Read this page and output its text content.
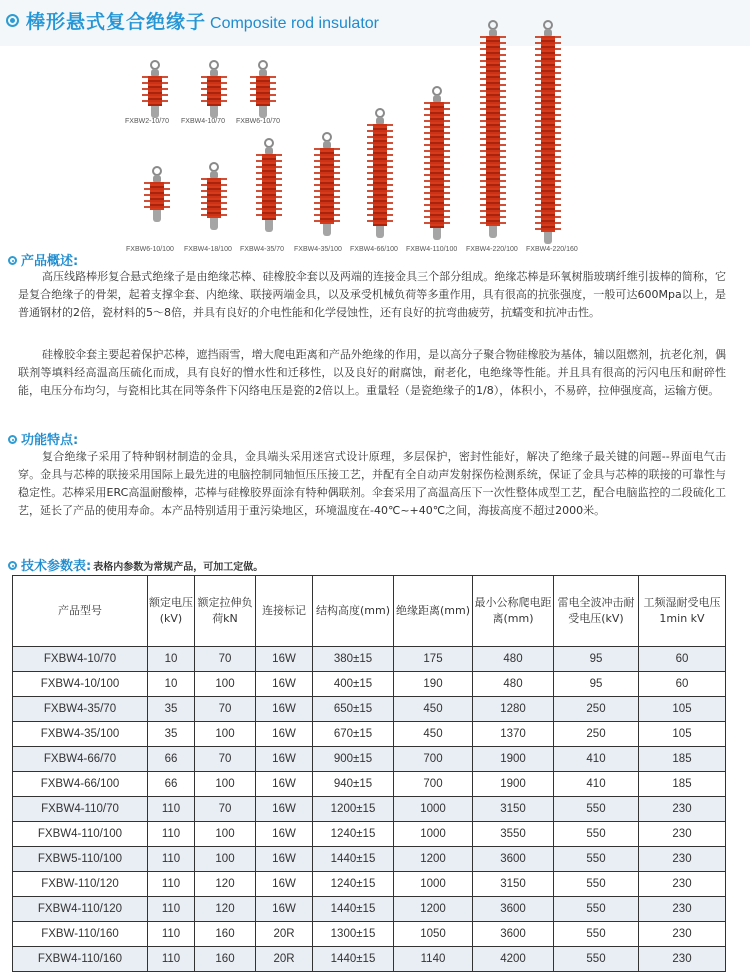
棒形悬式复合绝缘子 Composite rod insulator
FXBW2-10/70 FXBW4-10/70 FXBW6-10/70
FXBW6-10/100 FXBW4-18/100 FXBW4-35/70 FXBW4-35/100 FXBW4-66/100 FXBW4-110/100 FXBW4-220/100 FXBW4-220/160
产品概述:
高压线路棒形复合悬式绝缘子是由绝缘芯棒、硅橡胶伞套以及两端的连接金具三个部分组成。绝缘芯棒是环氧树脂玻璃纤维引拔棒的简称，它是复合绝缘子的骨架，起着支撑伞套、内绝缘、联接两端金具，以及承受机械负荷等多重作用，具有很高的抗张强度，一般可达600Mpa以上，是普通钢材的2倍，瓷材料的5～8倍，并具有良好的介电性能和化学侵蚀性，还有良好的抗弯曲疲劳，抗蠕变和抗冲击性。
硅橡胶伞套主要起着保护芯棒，遮挡雨雪，增大爬电距离和产品外绝缘的作用，是以高分子聚合物硅橡胶为基体，辅以阻燃剂，抗老化剂，偶联剂等填料经高温高压硫化而成，具有良好的憎水性和迁移性，以及良好的耐腐蚀，耐老化，电绝缘等性能。并且具有很高的污闪电压和耐碎性能，电压分布均匀，与瓷相比其在同等条件下闪络电压是瓷的2倍以上。重量轻（是瓷绝缘子的1/8），体积小，不易碎，拉伸强度高，运输方便。
功能特点:
复合绝缘子采用了特种钢材制造的金具，金具端头采用迷宫式设计原理，多层保护，密封性能好，解决了绝缘子最关键的问题--界面电气击穿。金具与芯棒的联接采用国际上最先进的电脑控制同轴恒压压接工艺，并配有全自动声发射探伤检测系统，保证了金具与芯棒的联接的可靠性与稳定性。芯棒采用ERC高温耐酸棒，芯棒与硅橡胶界面涂有特种偶联剂。伞套采用了高温高压下一次性整体成型工艺，配合电脑监控的二段硫化工艺，延长了产品的使用寿命。本产品特别适用于重污染地区，环境温度在-40℃~+40℃之间，海拔高度不超过2000米。
技术参数表: 表格内参数为常规产品，可加工定做。
产品型号	额定电压(kV)	额定拉伸负荷kN	连接标记	结构高度(mm)	绝缘距离(mm)	最小公称爬电距离(mm)	雷电全波冲击耐受电压(kV)	工频湿耐受电压1min kV
FXBW4-10/70	10	70	16W	380±15	175	480	95	60
FXBW4-10/100	10	100	16W	400±15	190	480	95	60
FXBW4-35/70	35	70	16W	650±15	450	1280	250	105
FXBW4-35/100	35	100	16W	670±15	450	1370	250	105
FXBW4-66/70	66	70	16W	900±15	700	1900	410	185
FXBW4-66/100	66	100	16W	940±15	700	1900	410	185
FXBW4-110/70	110	70	16W	1200±15	1000	3150	550	230
FXBW4-110/100	110	100	16W	1240±15	1000	3550	550	230
FXBW5-110/100	110	100	16W	1440±15	1200	3600	550	230
FXBW-110/120	110	120	16W	1240±15	1000	3150	550	230
FXBW4-110/120	110	120	16W	1440±15	1200	3600	550	230
FXBW-110/160	110	160	20R	1300±15	1050	3600	550	230
FXBW4-110/160	110	160	20R	1440±15	1140	4200	550	230
